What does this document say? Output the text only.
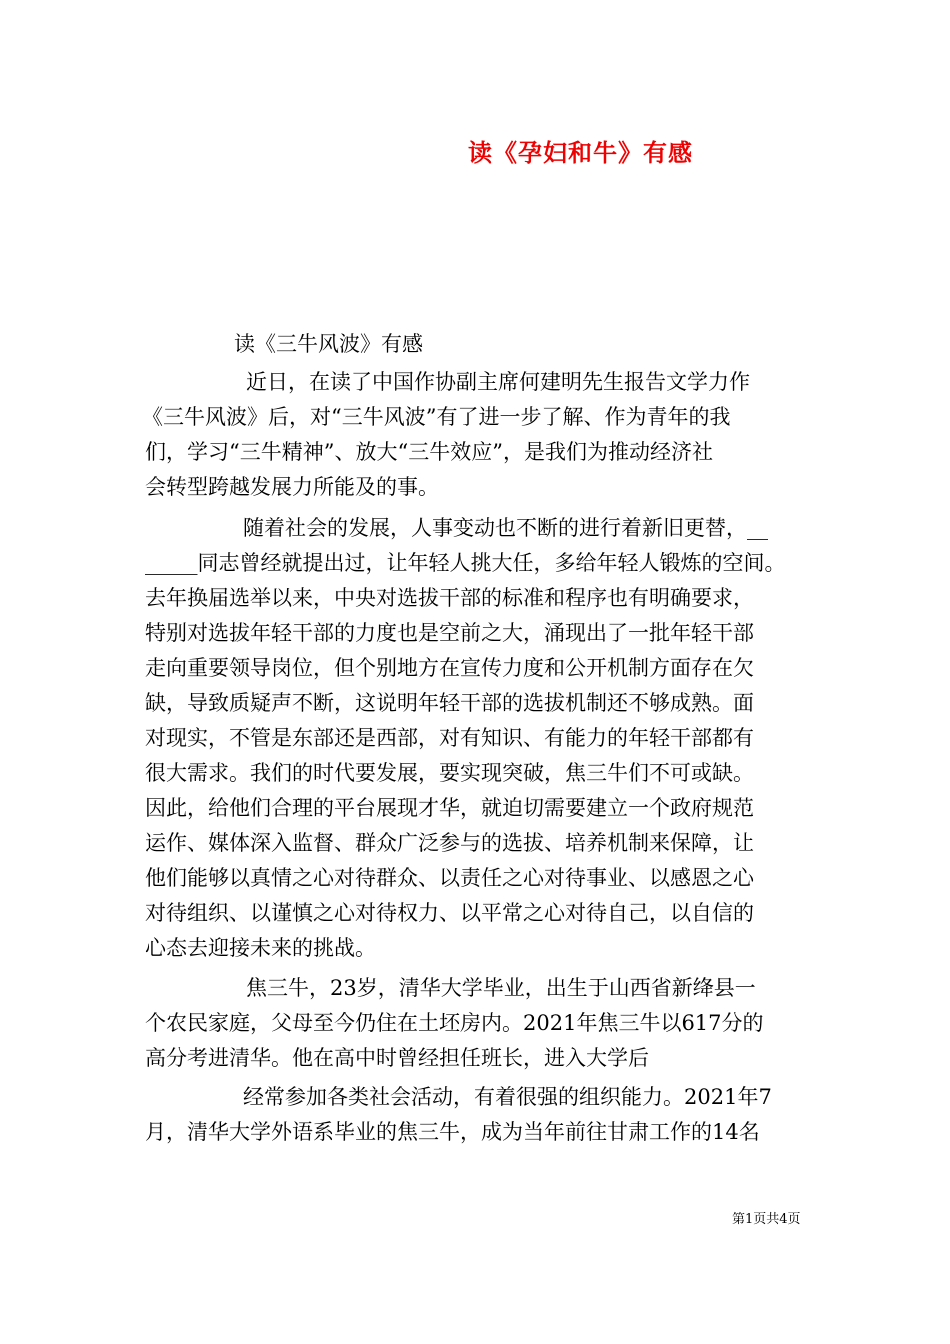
读《孕妇和牛》有感
读《三牛风波》有感
近日，在读了中国作协副主席何建明先生报告文学力作
《三牛风波》后，对“三牛风波”有了进一步了解、作为青年的我
们，学习“三牛精神”、放大“三牛效应”，是我们为推动经济社
会转型跨越发展力所能及的事。
随着社会的发展，人事变动也不断的进行着新旧更替，__
_____同志曾经就提出过，让年轻人挑大任，多给年轻人锻炼的空间。
去年换届选举以来，中央对选拔干部的标准和程序也有明确要求，
特别对选拔年轻干部的力度也是空前之大，涌现出了一批年轻干部
走向重要领导岗位，但个别地方在宣传力度和公开机制方面存在欠
缺，导致质疑声不断，这说明年轻干部的选拔机制还不够成熟。面
对现实，不管是东部还是西部，对有知识、有能力的年轻干部都有
很大需求。我们的时代要发展，要实现突破，焦三牛们不可或缺。
因此，给他们合理的平台展现才华，就迫切需要建立一个政府规范
运作、媒体深入监督、群众广泛参与的选拔、培养机制来保障，让
他们能够以真情之心对待群众、以责任之心对待事业、以感恩之心
对待组织、以谨慎之心对待权力、以平常之心对待自己，以自信的
心态去迎接未来的挑战。
焦三牛，23岁，清华大学毕业，出生于山西省新绛县一
个农民家庭，父母至今仍住在土坯房内。2021年焦三牛以617分的
高分考进清华。他在高中时曾经担任班长，进入大学后
经常参加各类社会活动，有着很强的组织能力。2021年7
月，清华大学外语系毕业的焦三牛，成为当年前往甘肃工作的14名
第1页共4页
